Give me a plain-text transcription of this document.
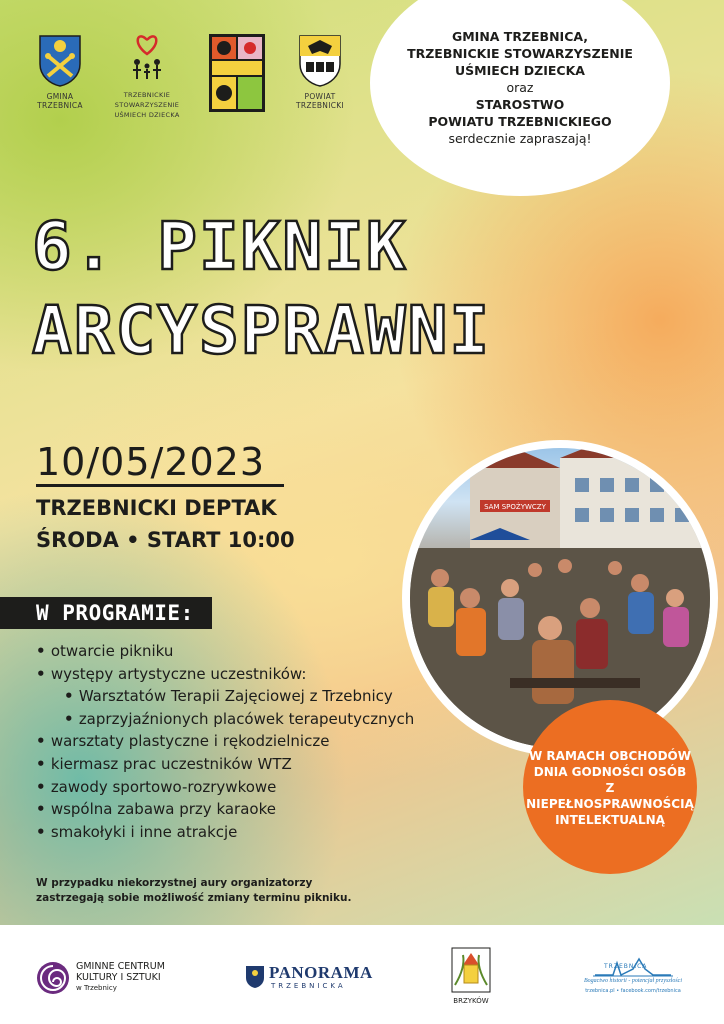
GMINA
TRZEBNICA
TRZEBNICKIE STOWARZYSZENIE
UŚMIECH DZIECKA
POWIAT
TRZEBNICKI
GMINA TRZEBNICA,
TRZEBNICKIE STOWARZYSZENIE
UŚMIECH DZIECKA
oraz
STAROSTWO
POWIATU TRZEBNICKIEGO
serdecznie zapraszają!
6. PIKNIK
ARCYSPRAWNI
10/05/2023
TRZEBNICKI DEPTAK
ŚRODA • START 10:00
W PROGRAMIE:
• otwarcie pikniku
• występy artystyczne uczestników:
• Warsztatów Terapii Zajęciowej z Trzebnicy
• zaprzyjaźnionych placówek terapeutycznych
• warsztaty plastyczne i rękodzielnicze
• kiermasz prac uczestników WTZ
• zawody sportowo-rozrywkowe
• wspólna zabawa przy karaoke
• smakołyki i inne atrakcje
W przypadku niekorzystnej aury organizatorzy
zastrzegają sobie możliwość zmiany terminu pikniku.
SAM SPOŻYWCZY
W RAMACH OBCHODÓW
DNIA GODNOŚCI OSÓB
Z NIEPEŁNOSPRAWNOŚCIĄ
INTELEKTUALNĄ
GMINNE CENTRUM
KULTURY I SZTUKI
w Trzebnicy
PANORAMA
TRZEBNICKA
BRZYKÓW
TRZEBNICA
Bogactwo historii - potencjał przyszłości
trzebnica.pl • facebook.com/trzebnica
